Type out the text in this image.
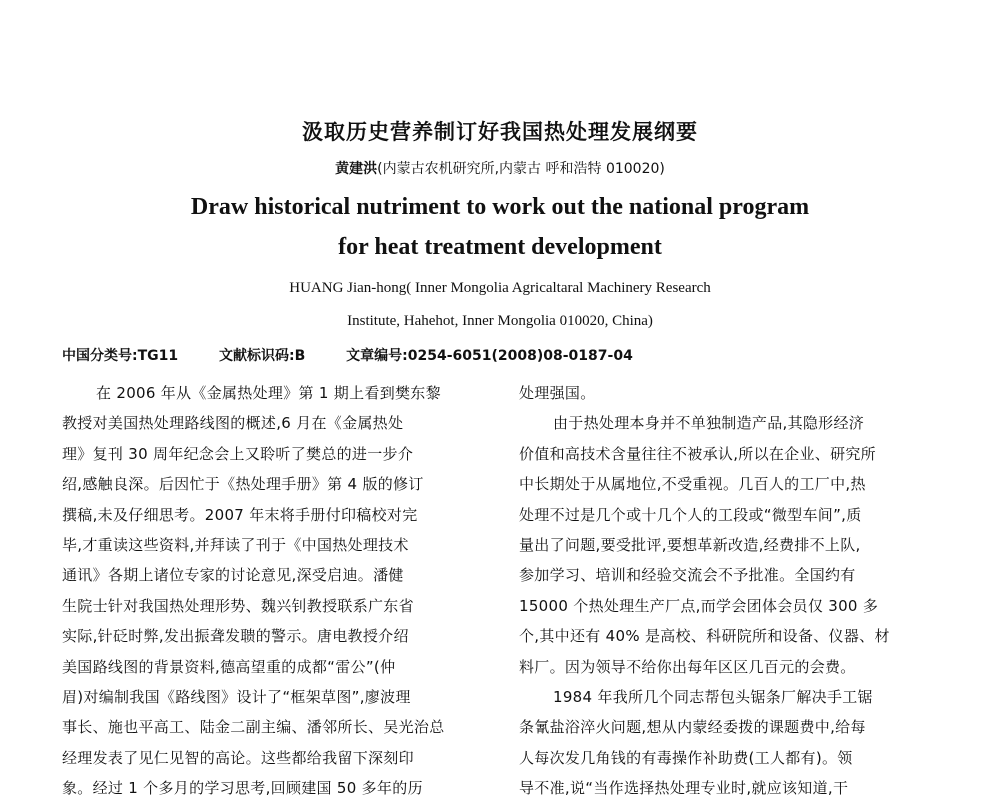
汲取历史营养制订好我国热处理发展纲要
黄建洪(内蒙古农机研究所,内蒙古 呼和浩特 010020)
Draw historical nutriment to work out the national program
for heat treatment development
HUANG Jian-hong( Inner Mongolia Agricaltaral Machinery Research
Institute, Hahehot, Inner Mongolia 010020, China)
中国分类号:TG11	文献标识码:B	文章编号:0254-6051(2008)08-0187-04
在 2006 年从《金属热处理》第 1 期上看到樊东黎
教授对美国热处理路线图的概述,6 月在《金属热处
理》复刊 30 周年纪念会上又聆听了樊总的进一步介
绍,感触良深。后因忙于《热处理手册》第 4 版的修订
撰稿,未及仔细思考。2007 年末将手册付印稿校对完
毕,才重读这些资料,并拜读了刊于《中国热处理技术
通讯》各期上诸位专家的讨论意见,深受启迪。潘健
生院士针对我国热处理形势、魏兴钊教授联系广东省
实际,针砭时弊,发出振聋发聩的警示。唐电教授介绍
美国路线图的背景资料,德高望重的成都“雷公”(仲
眉)对编制我国《路线图》设计了“框架草图”,廖波理
事长、施也平高工、陆金二副主编、潘邻所长、吴光治总
经理发表了见仁见智的高论。这些都给我留下深刻印
象。经过 1 个多月的学习思考,回顾建国 50 多年的历
处理强国。
由于热处理本身并不单独制造产品,其隐形经济
价值和高技术含量往往不被承认,所以在企业、研究所
中长期处于从属地位,不受重视。几百人的工厂中,热
处理不过是几个或十几个人的工段或“微型车间”,质
量出了问题,要受批评,要想革新改造,经费排不上队,
参加学习、培训和经验交流会不予批准。全国约有
15000 个热处理生产厂点,而学会团体会员仅 300 多
个,其中还有 40% 是高校、科研院所和设备、仪器、材
料厂。因为领导不给你出每年区区几百元的会费。
1984 年我所几个同志帮包头锯条厂解决手工锯
条氰盐浴淬火问题,想从内蒙经委拨的课题费中,给每
人每次发几角钱的有毒操作补助费(工人都有)。领
导不准,说“当作选择热处理专业时,就应该知道,干
